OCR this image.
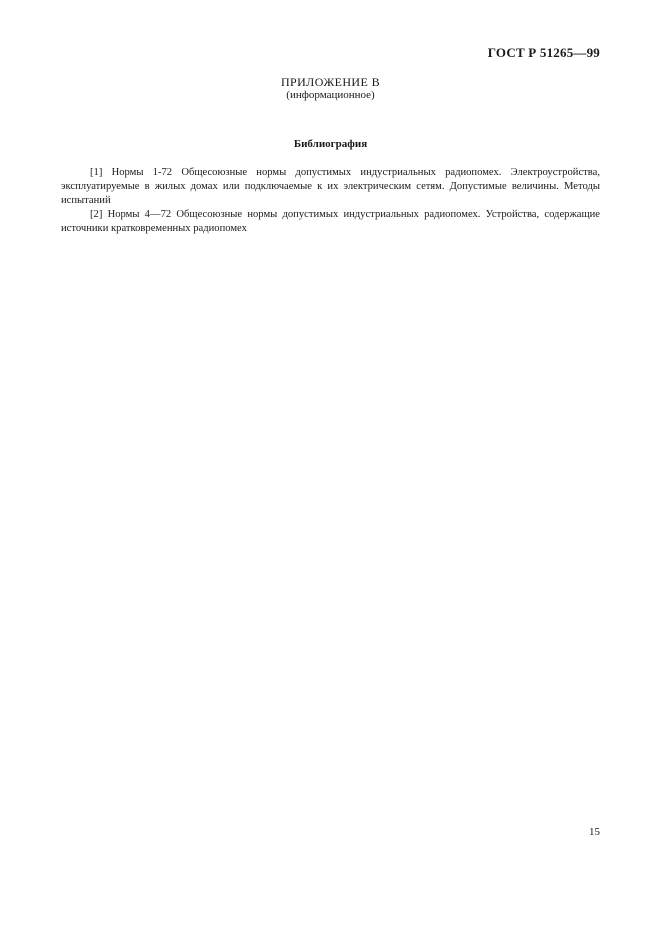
ГОСТ Р 51265—99
ПРИЛОЖЕНИЕ В
(информационное)
Библиография

[1] Нормы 1-72 Общесоюзные нормы допустимых индустриальных радиопомех. Электроустройства, эксплуатируемые в жилых домах или подключаемые к их электрическим сетям. Допустимые величины. Методы испытаний

[2] Нормы 4—72 Общесоюзные нормы допустимых индустриальных радиопомех. Устройства, содержащие источники кратковременных радиопомех

15
